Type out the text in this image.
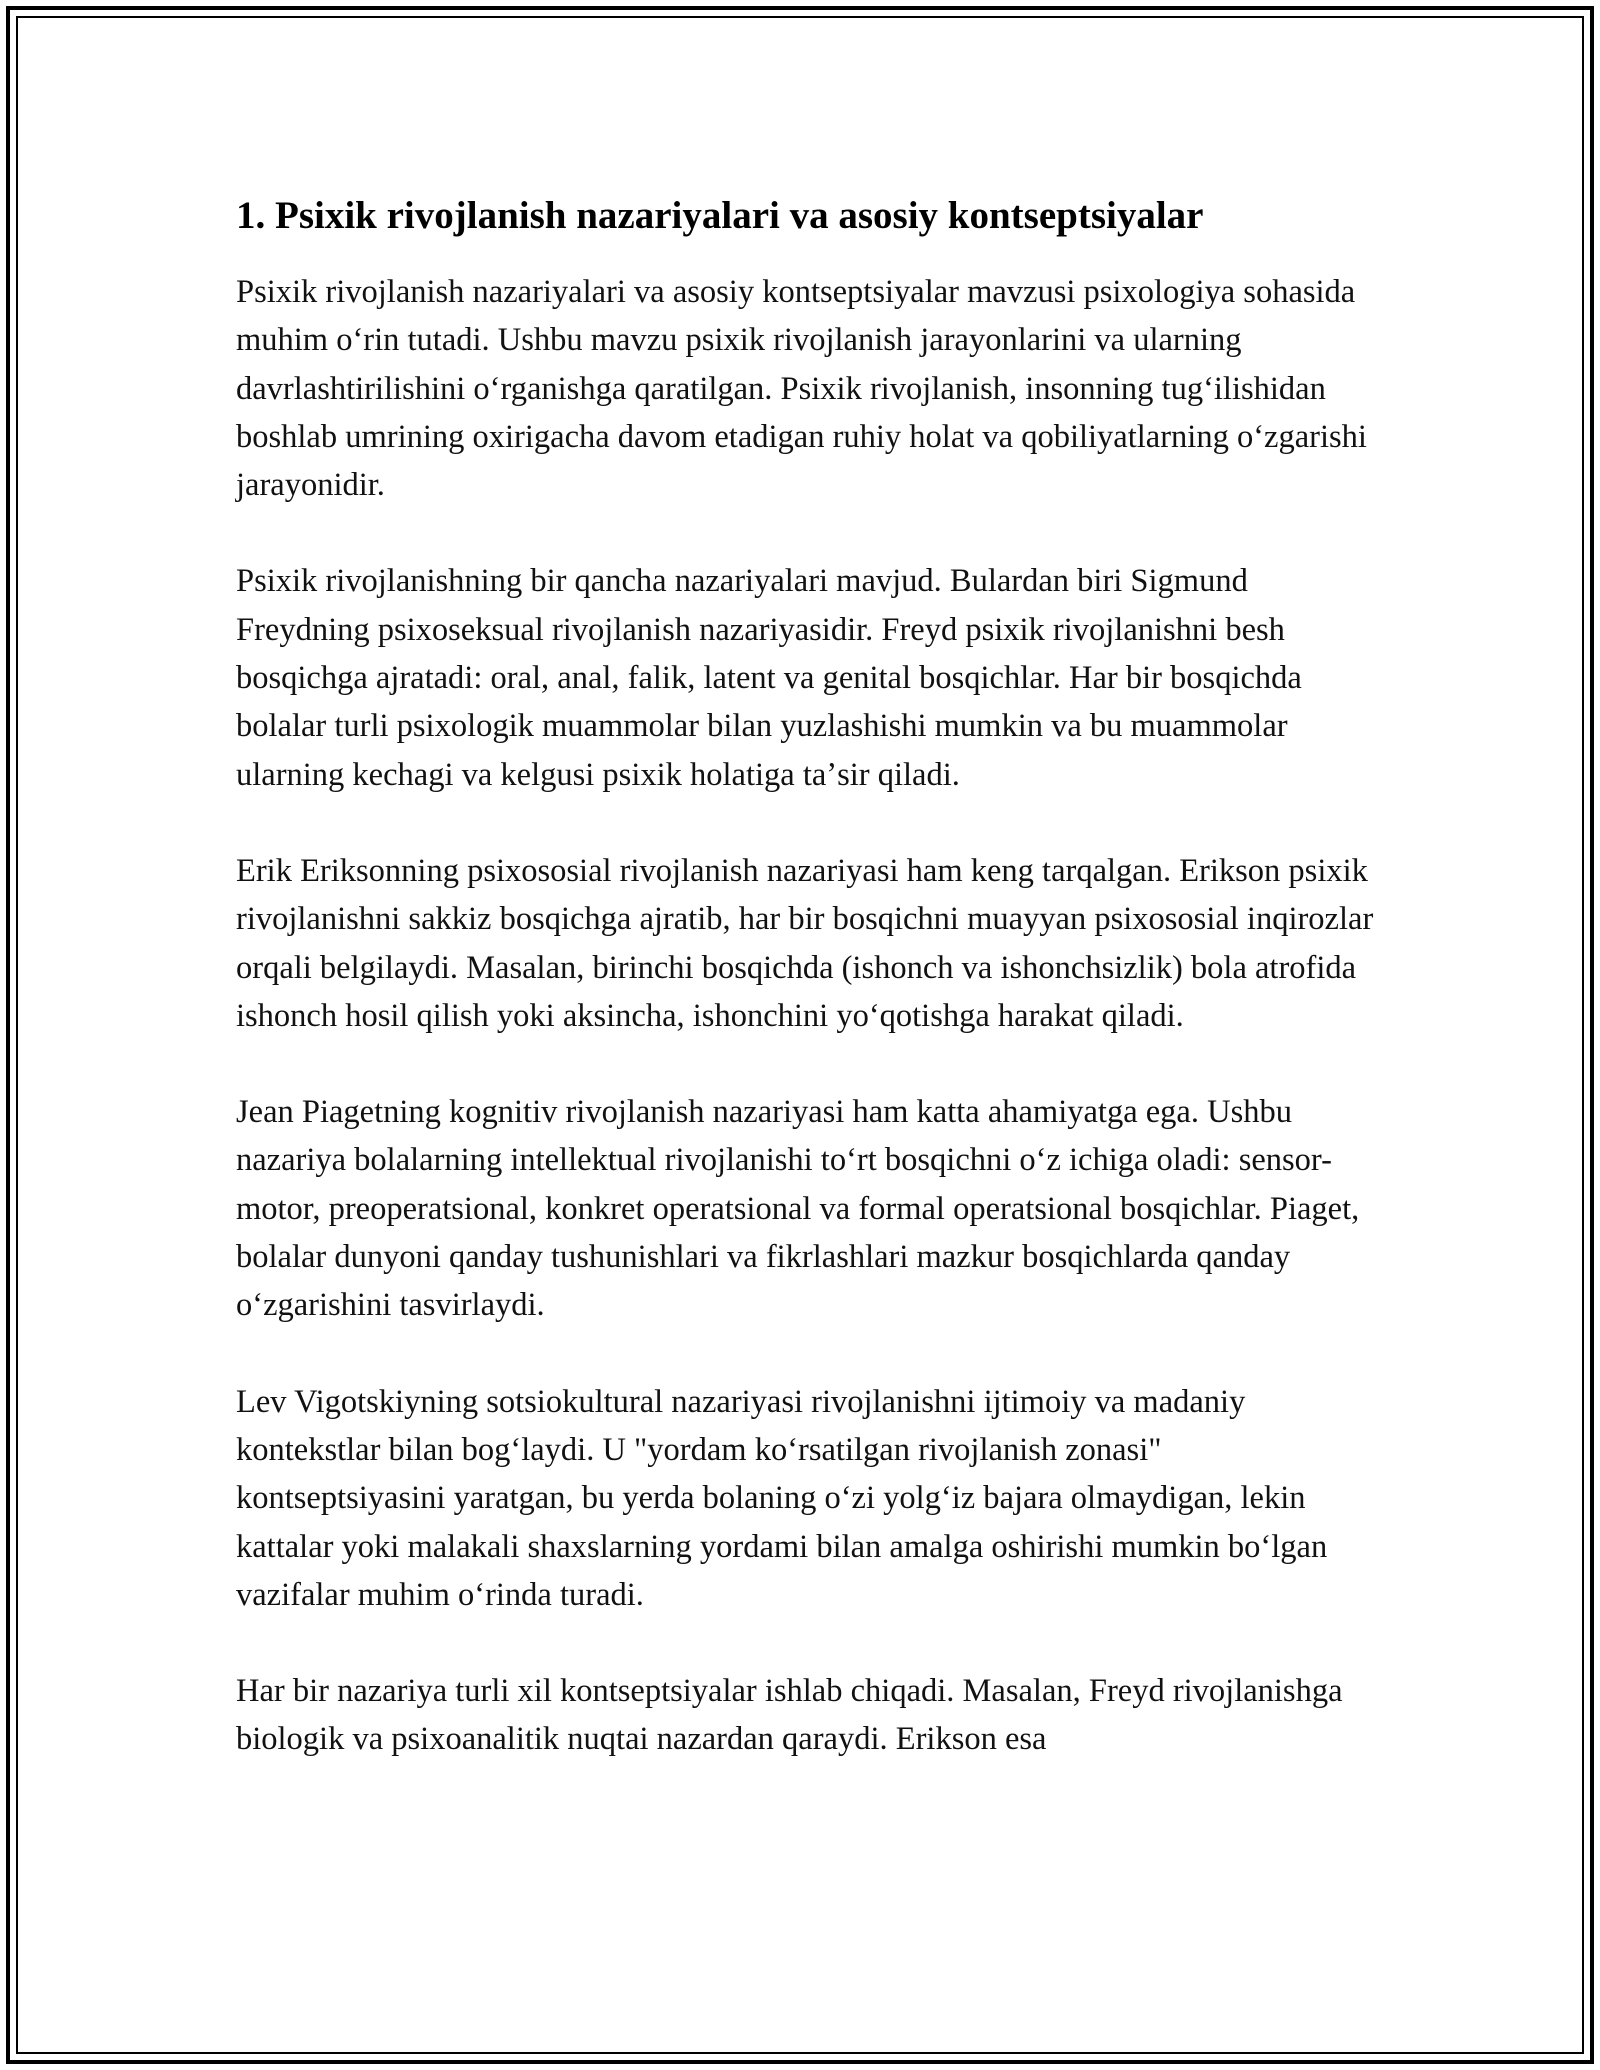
1. Psixik rivojlanish nazariyalari va asosiy kontseptsiyalar

Psixik rivojlanish nazariyalari va asosiy kontseptsiyalar mavzusi psixologiya sohasida muhim oʻrin tutadi. Ushbu mavzu psixik rivojlanish jarayonlarini va ularning davrlashtirilishini oʻrganishga qaratilgan. Psixik rivojlanish, insonning tugʻilishidan boshlab umrining oxirigacha davom etadigan ruhiy holat va qobiliyatlarning oʻzgarishi jarayonidir.

Psixik rivojlanishning bir qancha nazariyalari mavjud. Bulardan biri Sigmund Freydning psixoseksual rivojlanish nazariyasidir. Freyd psixik rivojlanishni besh bosqichga ajratadi: oral, anal, falik, latent va genital bosqichlar. Har bir bosqichda bolalar turli psixologik muammolar bilan yuzlashishi mumkin va bu muammolar ularning kechagi va kelgusi psixik holatiga taʼsir qiladi.

Erik Eriksonning psixososial rivojlanish nazariyasi ham keng tarqalgan. Erikson psixik rivojlanishni sakkiz bosqichga ajratib, har bir bosqichni muayyan psixososial inqirozlar orqali belgilaydi. Masalan, birinchi bosqichda (ishonch va ishonchsizlik) bola atrofida ishonch hosil qilish yoki aksincha, ishonchini yoʻqotishga harakat qiladi.

Jean Piagetning kognitiv rivojlanish nazariyasi ham katta ahamiyatga ega. Ushbu nazariya bolalarning intellektual rivojlanishi toʻrt bosqichni oʻz ichiga oladi: sensor-motor, preoperatsional, konkret operatsional va formal operatsional bosqichlar. Piaget, bolalar dunyoni qanday tushunishlari va fikrlashlari mazkur bosqichlarda qanday oʻzgarishini tasvirlaydi.

Lev Vigotskiyning sotsiokultural nazariyasi rivojlanishni ijtimoiy va madaniy kontekstlar bilan bogʻlaydi. U "yordam koʻrsatilgan rivojlanish zonasi" kontseptsiyasini yaratgan, bu yerda bolaning oʻzi yolgʻiz bajara olmaydigan, lekin kattalar yoki malakali shaxslarning yordami bilan amalga oshirishi mumkin boʻlgan vazifalar muhim oʻrinda turadi.

Har bir nazariya turli xil kontseptsiyalar ishlab chiqadi. Masalan, Freyd rivojlanishga biologik va psixoanalitik nuqtai nazardan qaraydi. Erikson esa
